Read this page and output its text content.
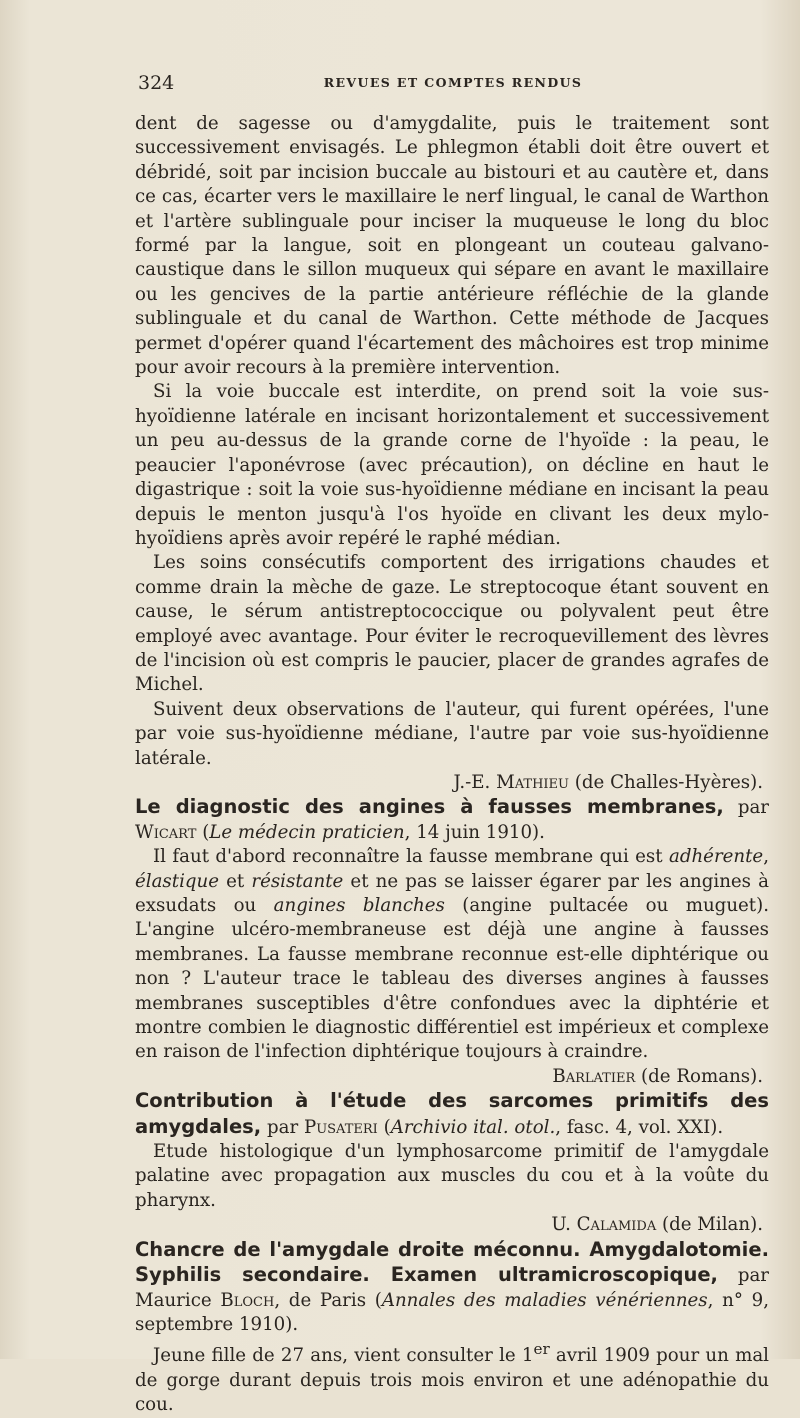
324	REVUES ET COMPTES RENDUS

dent de sagesse ou d'amygdalite, puis le traitement sont successivement envisagés. Le phlegmon établi doit être ouvert et débridé, soit par incision buccale au bistouri et au cautère et, dans ce cas, écarter vers le maxillaire le nerf lingual, le canal de Warthon et l'artère sublinguale pour inciser la muqueuse le long du bloc formé par la langue, soit en plongeant un couteau galvano-caustique dans le sillon muqueux qui sépare en avant le maxillaire ou les gencives de la partie antérieure réfléchie de la glande sublinguale et du canal de Warthon. Cette méthode de Jacques permet d'opérer quand l'écartement des mâchoires est trop minime pour avoir recours à la première intervention.

Si la voie buccale est interdite, on prend soit la voie sus-hyoïdienne latérale en incisant horizontalement et successivement un peu au-dessus de la grande corne de l'hyoïde : la peau, le peaucier l'aponévrose (avec précaution), on décline en haut le digastrique : soit la voie sus-hyoïdienne médiane en incisant la peau depuis le menton jusqu'à l'os hyoïde en clivant les deux mylo-hyoïdiens après avoir repéré le raphé médian.

Les soins consécutifs comportent des irrigations chaudes et comme drain la mèche de gaze. Le streptocoque étant souvent en cause, le sérum antistreptococcique ou polyvalent peut être employé avec avantage. Pour éviter le recroquevillement des lèvres de l'incision où est compris le paucier, placer de grandes agrafes de Michel.

Suivent deux observations de l'auteur, qui furent opérées, l'une par voie sus-hyoïdienne médiane, l'autre par voie sus-hyoïdienne latérale.

J.-E. Mathieu (de Challes-Hyères).

Le diagnostic des angines à fausses membranes, par Wicart (Le médecin praticien, 14 juin 1910).

Il faut d'abord reconnaître la fausse membrane qui est adhérente, élastique et résistante et ne pas se laisser égarer par les angines à exsudats ou angines blanches (angine pultacée ou muguet). L'angine ulcéro-membraneuse est déjà une angine à fausses membranes. La fausse membrane reconnue est-elle diphtérique ou non ? L'auteur trace le tableau des diverses angines à fausses membranes susceptibles d'être confondues avec la diphtérie et montre combien le diagnostic différentiel est impérieux et complexe en raison de l'infection diphtérique toujours à craindre.

Barlatier (de Romans).

Contribution à l'étude des sarcomes primitifs des amygdales, par Pusateri (Archivio ital. otol., fasc. 4, vol. XXI).

Etude histologique d'un lymphosarcome primitif de l'amygdale palatine avec propagation aux muscles du cou et à la voûte du pharynx.

U. Calamida (de Milan).

Chancre de l'amygdale droite méconnu. Amygdalotomie. Syphilis secondaire. Examen ultramicroscopique, par Maurice Bloch, de Paris (Annales des maladies vénériennes, n° 9, septembre 1910).

Jeune fille de 27 ans, vient consulter le 1er avril 1909 pour un mal de gorge durant depuis trois mois environ et une adénopathie du cou.
